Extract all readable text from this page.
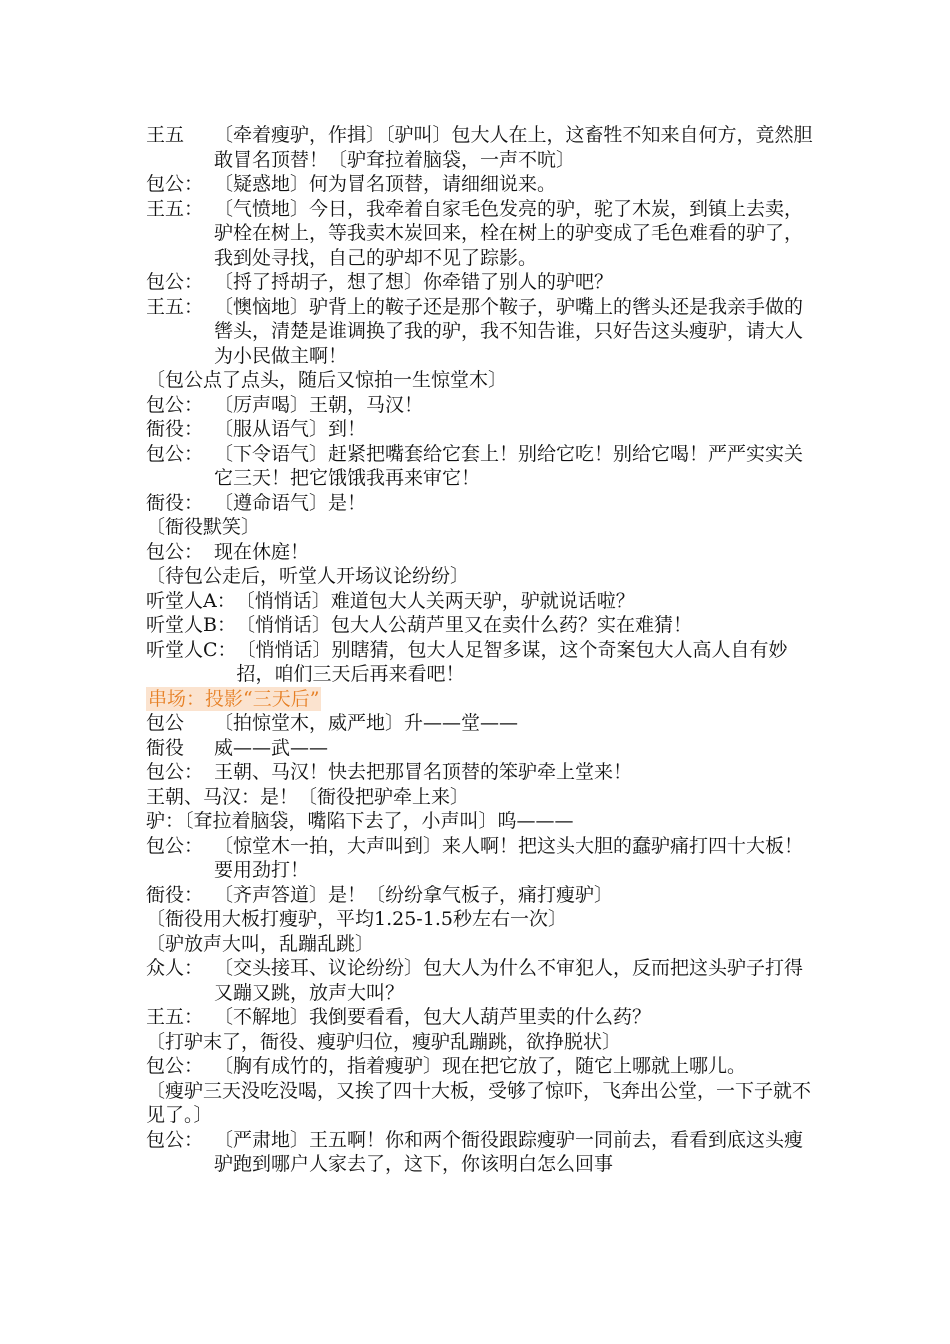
王五	〔牵着瘦驴，作揖〕〔驴叫〕包大人在上，这畜牲不知来自何方，竟然胆敢冒名顶替！〔驴耷拉着脑袋，一声不吭〕
包公： 〔疑惑地〕何为冒名顶替，请细细说来。
王五： 〔气愤地〕今日，我牵着自家毛色发亮的驴，驼了木炭，到镇上去卖，驴栓在树上，等我卖木炭回来，栓在树上的驴变成了毛色难看的驴了，我到处寻找，自己的驴却不见了踪影。
包公： 〔捋了捋胡子，想了想〕你牵错了别人的驴吧？
王五： 〔懊恼地〕驴背上的鞍子还是那个鞍子，驴嘴上的辔头还是我亲手做的辔头，清楚是谁调换了我的驴，我不知告谁，只好告这头瘦驴，请大人为小民做主啊！
〔包公点了点头，随后又惊拍一生惊堂木〕
包公： 〔厉声喝〕王朝，马汉！
衙役： 〔服从语气〕到！
包公： 〔下令语气〕赶紧把嘴套给它套上！别给它吃！别给它喝！严严实实关它三天！把它饿饿我再来审它！
衙役： 〔遵命语气〕是！
〔衙役默笑〕
包公： 现在休庭！
〔待包公走后，听堂人开场议论纷纷〕
听堂人A： 〔悄悄话〕难道包大人关两天驴，驴就说话啦？
听堂人B： 〔悄悄话〕包大人公葫芦里又在卖什么药？实在难猜！
听堂人C： 〔悄悄话〕别瞎猜，包大人足智多谋，这个奇案包大人高人自有妙招，咱们三天后再来看吧！
串场：投影“三天后”
包公	〔拍惊堂木，威严地〕升——堂——
衙役	威——武——
包公： 王朝、马汉！快去把那冒名顶替的笨驴牵上堂来！
王朝、马汉：是！〔衙役把驴牵上来〕
驴：〔耷拉着脑袋，嘴陷下去了，小声叫〕呜———
包公： 〔惊堂木一拍，大声叫到〕来人啊！把这头大胆的蠢驴痛打四十大板！要用劲打！
衙役： 〔齐声答道〕是！〔纷纷拿气板子，痛打瘦驴〕
〔衙役用大板打瘦驴，平均1.25-1.5秒左右一次〕
〔驴放声大叫，乱蹦乱跳〕
众人： 〔交头接耳、议论纷纷〕包大人为什么不审犯人，反而把这头驴子打得又蹦又跳，放声大叫？
王五： 〔不解地〕我倒要看看，包大人葫芦里卖的什么药？
〔打驴末了，衙役、瘦驴归位，瘦驴乱蹦跳，欲挣脱状〕
包公： 〔胸有成竹的，指着瘦驴〕现在把它放了，随它上哪就上哪儿。
〔瘦驴三天没吃没喝，又挨了四十大板，受够了惊吓，飞奔出公堂，一下子就不见了。〕
包公： 〔严肃地〕王五啊！你和两个衙役跟踪瘦驴一同前去，看看到底这头瘦驴跑到哪户人家去了，这下，你该明白怎么回事
